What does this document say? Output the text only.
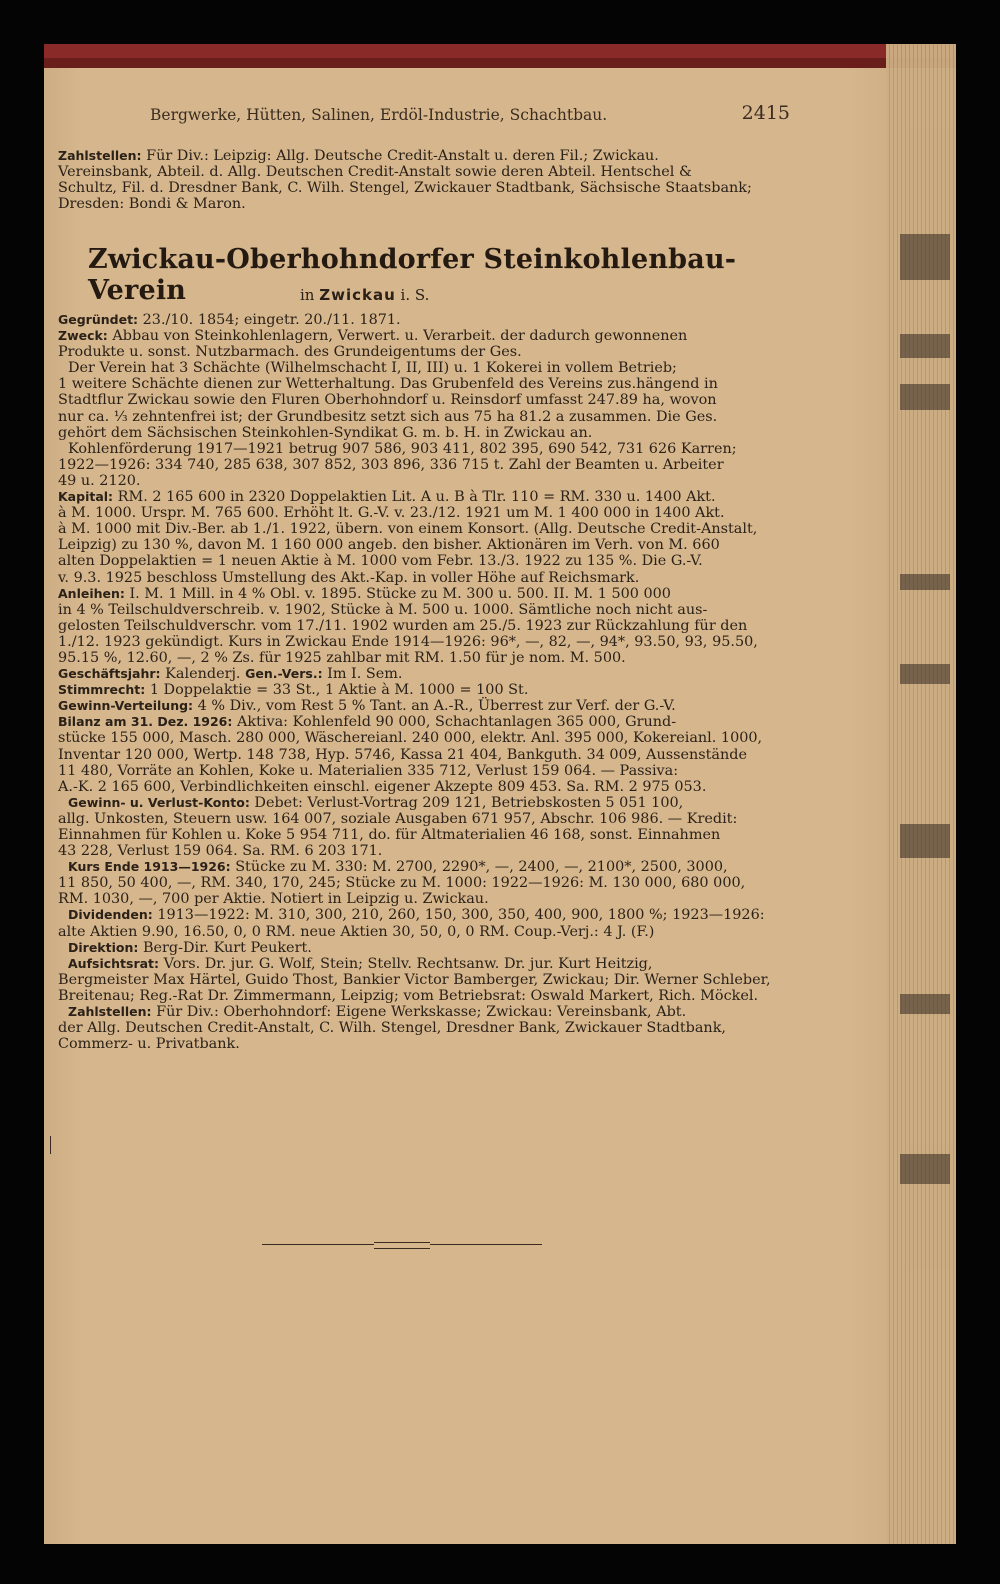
Bergwerke, Hütten, Salinen, Erdöl-Industrie, Schachtbau.	2415
Zahlstellen: Für Div.: Leipzig: Allg. Deutsche Credit-Anstalt u. deren Fil.; Zwickau.
Vereinsbank, Abteil. d. Allg. Deutschen Credit-Anstalt sowie deren Abteil. Hentschel &
Schultz, Fil. d. Dresdner Bank, C. Wilh. Stengel, Zwickauer Stadtbank, Sächsische Staatsbank;
Dresden: Bondi & Maron.
Zwickau-Oberhohndorfer Steinkohlenbau-Verein	in Zwickau i. S.
Gegründet: 23./10. 1854; eingetr. 20./11. 1871.
Zweck: Abbau von Steinkohlenlagern, Verwert. u. Verarbeit. der dadurch gewonnenen
Produkte u. sonst. Nutzbarmach. des Grundeigentums der Ges.
Der Verein hat 3 Schächte (Wilhelmschacht I, II, III) u. 1 Kokerei in vollem Betrieb;
1 weitere Schächte dienen zur Wetterhaltung. Das Grubenfeld des Vereins zus.hängend in
Stadtflur Zwickau sowie den Fluren Oberhohndorf u. Reinsdorf umfasst 247.89 ha, wovon
nur ca. ⅓ zehntenfrei ist; der Grundbesitz setzt sich aus 75 ha 81.2 a zusammen. Die Ges.
gehört dem Sächsischen Steinkohlen-Syndikat G. m. b. H. in Zwickau an.
Kohlenförderung 1917—1921 betrug 907 586, 903 411, 802 395, 690 542, 731 626 Karren;
1922—1926: 334 740, 285 638, 307 852, 303 896, 336 715 t. Zahl der Beamten u. Arbeiter
49 u. 2120.
Kapital: RM. 2 165 600 in 2320 Doppelaktien Lit. A u. B à Tlr. 110 = RM. 330 u. 1400 Akt.
à M. 1000. Urspr. M. 765 600. Erhöht lt. G.-V. v. 23./12. 1921 um M. 1 400 000 in 1400 Akt.
à M. 1000 mit Div.-Ber. ab 1./1. 1922, übern. von einem Konsort. (Allg. Deutsche Credit-Anstalt,
Leipzig) zu 130 %, davon M. 1 160 000 angeb. den bisher. Aktionären im Verh. von M. 660
alten Doppelaktien = 1 neuen Aktie à M. 1000 vom Febr. 13./3. 1922 zu 135 %. Die G.-V.
v. 9.3. 1925 beschloss Umstellung des Akt.-Kap. in voller Höhe auf Reichsmark.
Anleihen: I. M. 1 Mill. in 4 % Obl. v. 1895. Stücke zu M. 300 u. 500. II. M. 1 500 000
in 4 % Teilschuldverschreib. v. 1902, Stücke à M. 500 u. 1000. Sämtliche noch nicht aus-
gelosten Teilschuldverschr. vom 17./11. 1902 wurden am 25./5. 1923 zur Rückzahlung für den
1./12. 1923 gekündigt. Kurs in Zwickau Ende 1914—1926: 96*, —, 82, —, 94*, 93.50, 93, 95.50,
95.15 %, 12.60, —, 2 % Zs. für 1925 zahlbar mit RM. 1.50 für je nom. M. 500.
Geschäftsjahr: Kalenderj. Gen.-Vers.: Im I. Sem.
Stimmrecht: 1 Doppelaktie = 33 St., 1 Aktie à M. 1000 = 100 St.
Gewinn-Verteilung: 4 % Div., vom Rest 5 % Tant. an A.-R., Überrest zur Verf. der G.-V.
Bilanz am 31. Dez. 1926: Aktiva: Kohlenfeld 90 000, Schachtanlagen 365 000, Grund-
stücke 155 000, Masch. 280 000, Wäschereianl. 240 000, elektr. Anl. 395 000, Kokereianl. 1000,
Inventar 120 000, Wertp. 148 738, Hyp. 5746, Kassa 21 404, Bankguth. 34 009, Aussenstände
11 480, Vorräte an Kohlen, Koke u. Materialien 335 712, Verlust 159 064. — Passiva:
A.-K. 2 165 600, Verbindlichkeiten einschl. eigener Akzepte 809 453. Sa. RM. 2 975 053.
Gewinn- u. Verlust-Konto: Debet: Verlust-Vortrag 209 121, Betriebskosten 5 051 100,
allg. Unkosten, Steuern usw. 164 007, soziale Ausgaben 671 957, Abschr. 106 986. — Kredit:
Einnahmen für Kohlen u. Koke 5 954 711, do. für Altmaterialien 46 168, sonst. Einnahmen
43 228, Verlust 159 064. Sa. RM. 6 203 171.
Kurs Ende 1913—1926: Stücke zu M. 330: M. 2700, 2290*, —, 2400, —, 2100*, 2500, 3000,
11 850, 50 400, —, RM. 340, 170, 245; Stücke zu M. 1000: 1922—1926: M. 130 000, 680 000,
RM. 1030, —, 700 per Aktie. Notiert in Leipzig u. Zwickau.
Dividenden: 1913—1922: M. 310, 300, 210, 260, 150, 300, 350, 400, 900, 1800 %; 1923—1926:
alte Aktien 9.90, 16.50, 0, 0 RM. neue Aktien 30, 50, 0, 0 RM. Coup.-Verj.: 4 J. (F.)
Direktion: Berg-Dir. Kurt Peukert.
Aufsichtsrat: Vors. Dr. jur. G. Wolf, Stein; Stellv. Rechtsanw. Dr. jur. Kurt Heitzig,
Bergmeister Max Härtel, Guido Thost, Bankier Victor Bamberger, Zwickau; Dir. Werner Schleber,
Breitenau; Reg.-Rat Dr. Zimmermann, Leipzig; vom Betriebsrat: Oswald Markert, Rich. Möckel.
Zahlstellen: Für Div.: Oberhohndorf: Eigene Werkskasse; Zwickau: Vereinsbank, Abt.
der Allg. Deutschen Credit-Anstalt, C. Wilh. Stengel, Dresdner Bank, Zwickauer Stadtbank,
Commerz- u. Privatbank.
